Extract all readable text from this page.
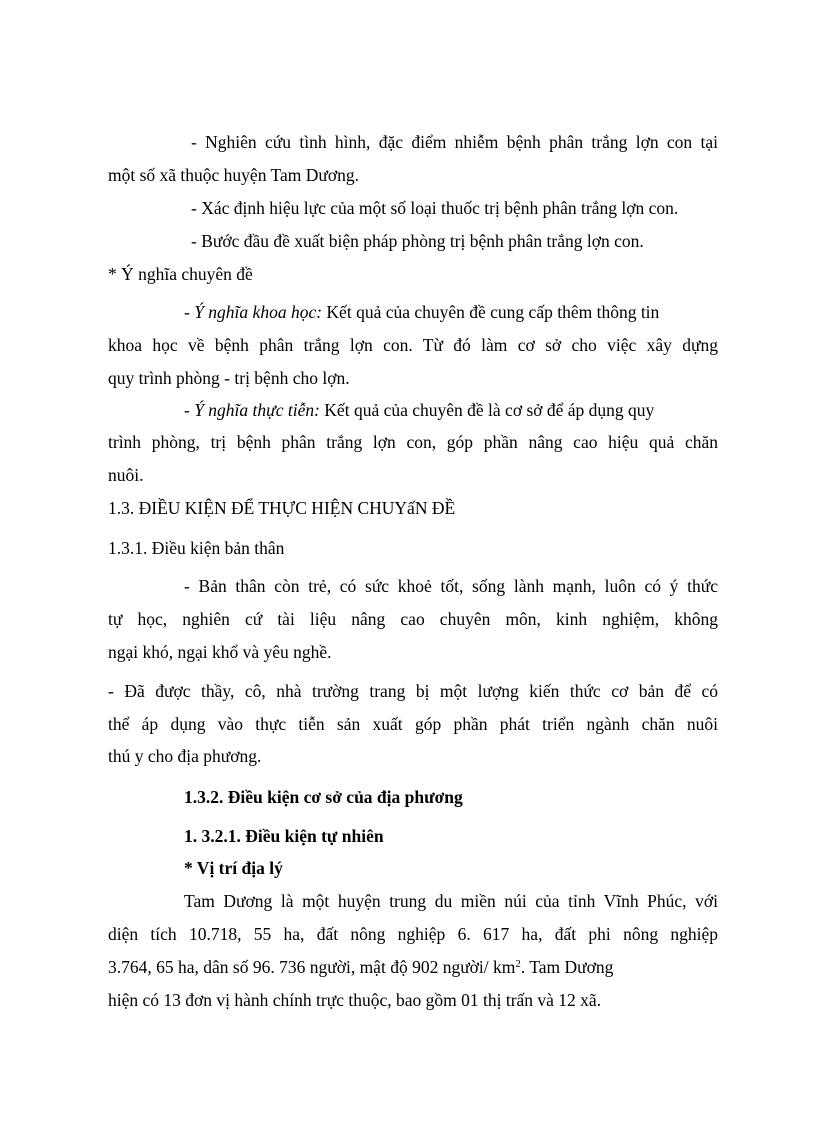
- Nghiên cứu tình hình, đặc điểm nhiễm bệnh phân trắng lợn con tại
một số xã thuộc huyện Tam Dương.
- Xác định hiệu lực của một số loại thuốc trị bệnh phân trắng lợn con.
- Bước đầu đề xuất biện pháp phòng trị bệnh phân trắng lợn con.
* Ý nghĩa chuyên đề
- Ý nghĩa khoa học: Kết quả của chuyên đề cung cấp thêm thông tin
khoa học về bệnh phân trắng lợn con. Từ đó làm cơ sở cho việc xây dựng
quy trình phòng - trị bệnh cho lợn.
- Ý nghĩa thực tiễn: Kết quả của chuyên đề là cơ sở để áp dụng quy
trình phòng, trị bệnh phân trắng lợn con, góp phần nâng cao hiệu quả chăn
nuôi.
1.3. ĐIỀU KIỆN ĐỂ THỰC HIỆN CHUYấN ĐỀ
1.3.1. Điều kiện bản thân
- Bản thân còn trẻ, có sức khoẻ tốt, sống lành mạnh, luôn có ý thức
tự học, nghiên cứ tài liệu nâng cao chuyên môn, kinh nghiệm, không
ngại khó, ngại khổ và yêu nghề.
- Đã được thầy, cô, nhà trường trang bị một lượng kiến thức cơ bản để có
thể áp dụng vào thực tiễn sản xuất góp phần phát triển ngành chăn nuôi
thú y cho địa phương.
1.3.2. Điều kiện cơ sở của địa phương
1. 3.2.1. Điều kiện tự nhiên
* Vị trí địa lý
Tam Dương là một huyện trung du miền núi của tỉnh Vĩnh Phúc, với
diện tích 10.718, 55 ha, đất nông nghiệp 6. 617 ha, đất phi nông nghiệp
3.764, 65 ha, dân số 96. 736 người, mật độ 902 người/ $km^2$. Tam Dương
hiện có 13 đơn vị hành chính trực thuộc, bao gồm 01 thị trấn và 12 xã.
